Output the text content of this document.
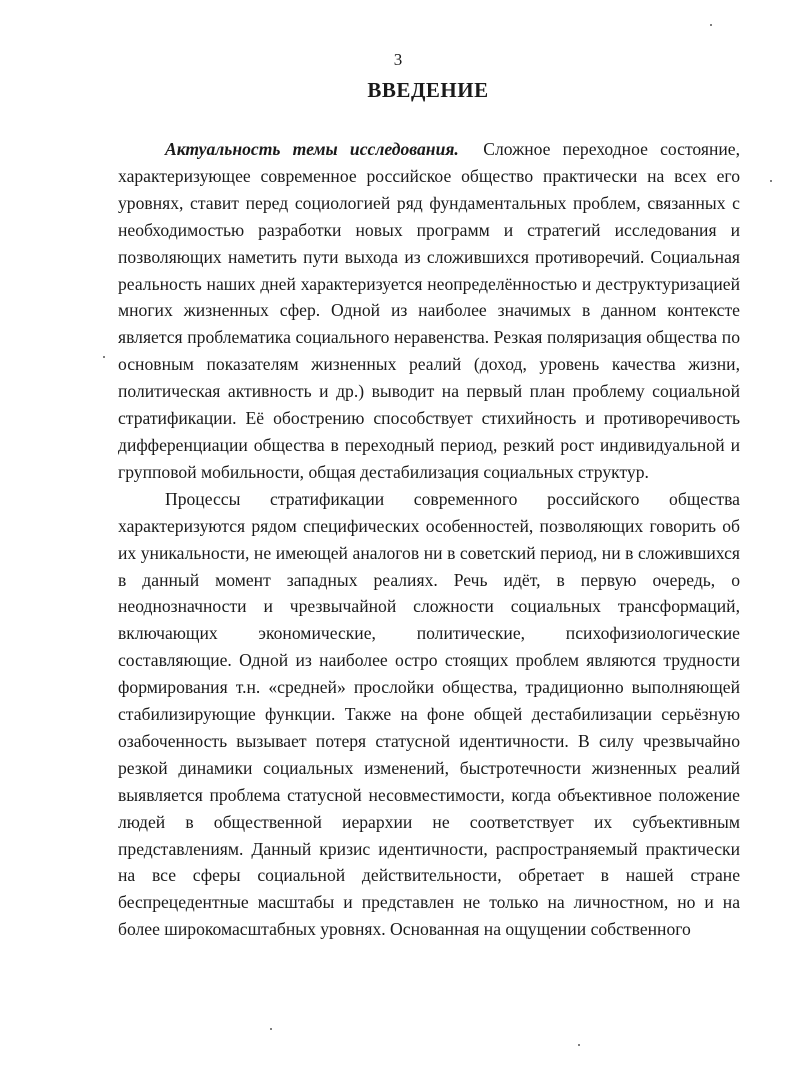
3
ВВЕДЕНИЕ

Актуальность темы исследования. Сложное переходное состояние, характеризующее современное российское общество практически на всех его уровнях, ставит перед социологией ряд фундаментальных проблем, связанных с необходимостью разработки новых программ и стратегий исследования и позволяющих наметить пути выхода из сложившихся противоречий. Социальная реальность наших дней характеризуется неопределённостью и деструктуризацией многих жизненных сфер. Одной из наиболее значимых в данном контексте является проблематика социального неравенства. Резкая поляризация общества по основным показателям жизненных реалий (доход, уровень качества жизни, политическая активность и др.) выводит на первый план проблему социальной стратификации. Её обострению способствует стихийность и противоречивость дифференциации общества в переходный период, резкий рост индивидуальной и групповой мобильности, общая дестабилизация социальных структур.

Процессы стратификации современного российского общества характеризуются рядом специфических особенностей, позволяющих говорить об их уникальности, не имеющей аналогов ни в советский период, ни в сложившихся в данный момент западных реалиях. Речь идёт, в первую очередь, о неоднозначности и чрезвычайной сложности социальных трансформаций, включающих экономические, политические, психофизиологические составляющие. Одной из наиболее остро стоящих проблем являются трудности формирования т.н. «средней» прослойки общества, традиционно выполняющей стабилизирующие функции. Также на фоне общей дестабилизации серьёзную озабоченность вызывает потеря статусной идентичности. В силу чрезвычайно резкой динамики социальных изменений, быстротечности жизненных реалий выявляется проблема статусной несовместимости, когда объективное положение людей в общественной иерархии не соответствует их субъективным представлениям. Данный кризис идентичности, распространяемый практически на все сферы социальной действительности, обретает в нашей стране беспрецедентные масштабы и представлен не только на личностном, но и на более широкомасштабных уровнях. Основанная на ощущении собственного
